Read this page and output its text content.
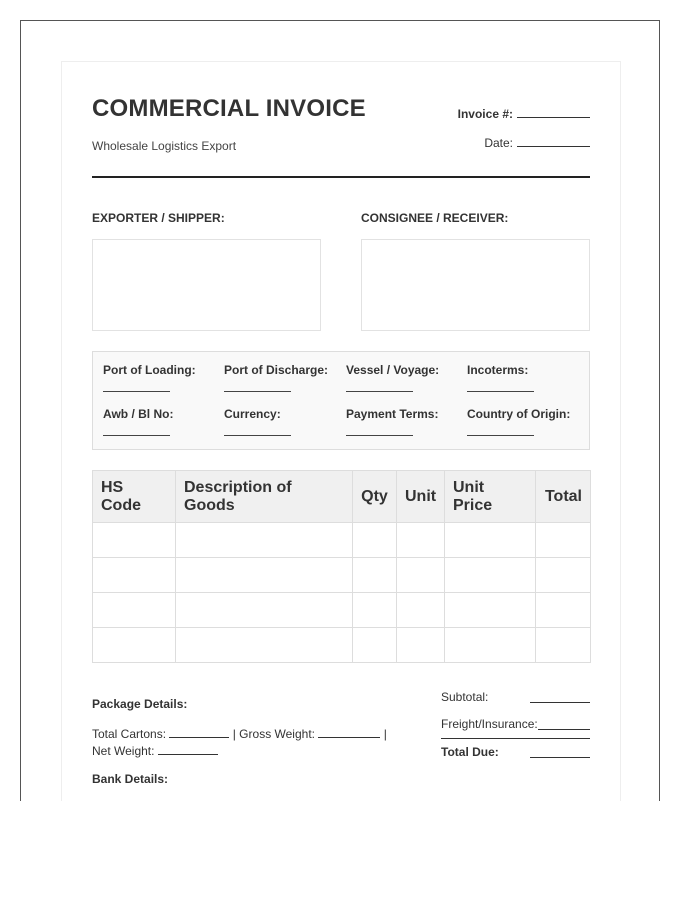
COMMERCIAL INVOICE
Wholesale Logistics Export
Invoice #:
Date:
EXPORTER / SHIPPER:	CONSIGNEE / RECEIVER:
Port of Loading: Port of Discharge: Vessel / Voyage: Incoterms:
Awb / Bl No:	Currency:	Payment Terms: Country of Origin:
HS Code	Description of Goods	Qty	Unit	Unit Price	Total

Package Details:
Total Cartons:	| Gross Weight:	|
Net Weight:
Bank Details:
Subtotal:
Freight/Insurance:
Total Due:
